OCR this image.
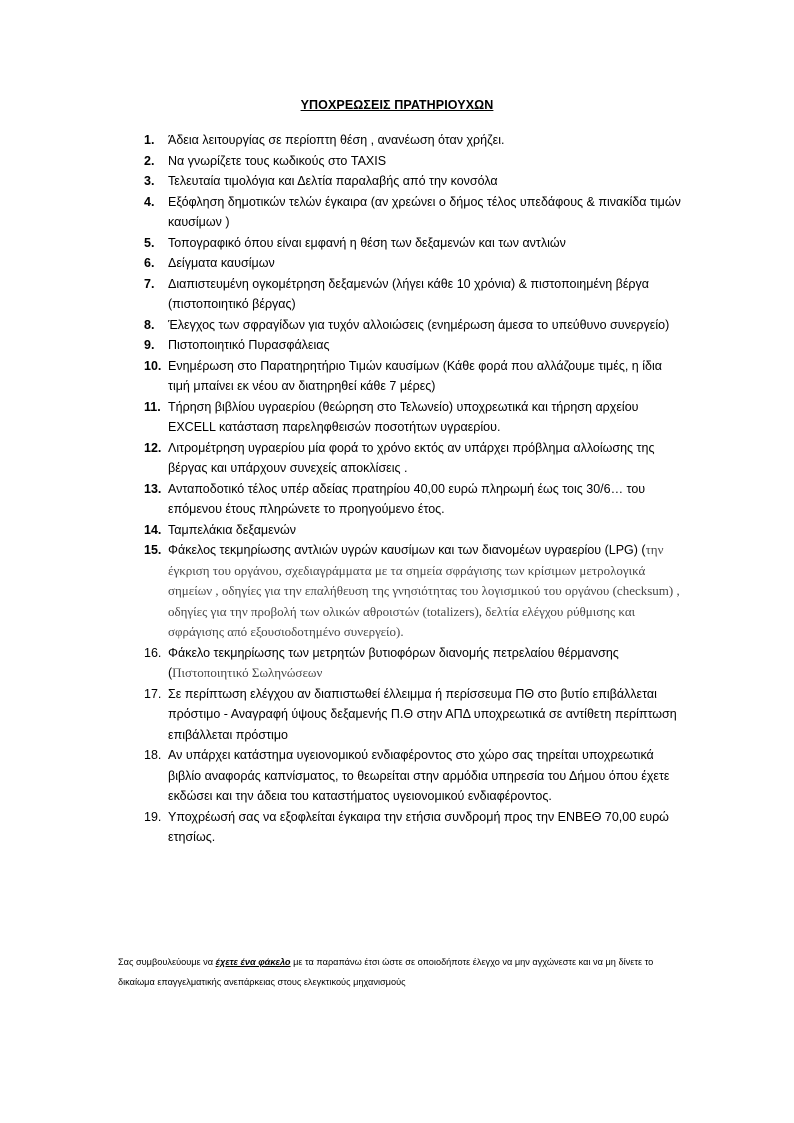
ΥΠΟΧΡΕΩΣΕΙΣ ΠΡΑΤΗΡΙΟΥΧΩΝ
1. Άδεια λειτουργίας σε περίοπτη θέση , ανανέωση όταν χρήζει.
2. Να γνωρίζετε τους κωδικούς στο TAXIS
3. Τελευταία τιμολόγια και Δελτία παραλαβής από την κονσόλα
4. Εξόφληση δημοτικών τελών έγκαιρα (αν χρεώνει ο δήμος τέλος υπεδάφους & πινακίδα τιμών καυσίμων )
5. Τοπογραφικό όπου είναι εμφανή η θέση των δεξαμενών και των αντλιών
6. Δείγματα καυσίμων
7. Διαπιστευμένη ογκομέτρηση δεξαμενών (λήγει κάθε 10 χρόνια) & πιστοποιημένη βέργα (πιστοποιητικό βέργας)
8. Έλεγχος των σφραγίδων για τυχόν αλλοιώσεις (ενημέρωση άμεσα το υπεύθυνο συνεργείο)
9. Πιστοποιητικό Πυρασφάλειας
10. Ενημέρωση στο Παρατηρητήριο Τιμών καυσίμων (Κάθε φορά που αλλάζουμε τιμές, η ίδια τιμή μπαίνει εκ νέου αν διατηρηθεί κάθε 7 μέρες)
11. Τήρηση βιβλίου υγραερίου (θεώρηση στο Τελωνείο) υποχρεωτικά και τήρηση αρχείου EXCELL κατάσταση παρεληφθεισών ποσοτήτων υγραερίου.
12. Λιτρομέτρηση υγραερίου μία φορά το χρόνο εκτός αν υπάρχει πρόβλημα αλλοίωσης της βέργας και υπάρχουν συνεχείς αποκλίσεις .
13. Ανταποδοτικό τέλος υπέρ αδείας πρατηρίου 40,00 ευρώ πληρωμή έως τοις 30/6… του επόμενου έτους πληρώνετε το προηγούμενο έτος.
14. Ταμπελάκια δεξαμενών
15. Φάκελος τεκμηρίωσης αντλιών υγρών καυσίμων και των διανομέων υγραερίου (LPG) (την έγκριση του οργάνου, σχεδιαγράμματα με τα σημεία σφράγισης των κρίσιμων μετρολογικά σημείων , οδηγίες για την επαλήθευση της γνησιότητας του λογισμικού του οργάνου (checksum) , οδηγίες για την προβολή των ολικών αθροιστών (totalizers), δελτία ελέγχου ρύθμισης και σφράγισης από εξουσιοδοτημένο συνεργείο).
16. Φάκελο τεκμηρίωσης των μετρητών βυτιοφόρων διανομής πετρελαίου θέρμανσης (Πιστοποιητικό Σωληνώσεων
17. Σε περίπτωση ελέγχου αν διαπιστωθεί έλλειμμα ή περίσσευμα ΠΘ στο βυτίο επιβάλλεται πρόστιμο - Αναγραφή ύψους δεξαμενής Π.Θ στην ΑΠΔ υποχρεωτικά σε αντίθετη περίπτωση επιβάλλεται πρόστιμο
18. Αν υπάρχει κατάστημα υγειονομικού ενδιαφέροντος στο χώρο σας τηρείται υποχρεωτικά βιβλίο αναφοράς καπνίσματος, το θεωρείται στην αρμόδια υπηρεσία του Δήμου όπου έχετε εκδώσει και την άδεια του καταστήματος υγειονομικού ενδιαφέροντος.
19. Υποχρέωσή σας να εξοφλείται έγκαιρα την ετήσια συνδρομή προς την ΕΝΒΕΘ 70,00 ευρώ ετησίως.
Σας συμβουλεύουμε να έχετε ένα φάκελο με τα παραπάνω έτσι ώστε σε οποιοδήποτε έλεγχο να μην αγχώνεστε και να μη δίνετε το δικαίωμα επαγγελματικής ανεπάρκειας στους ελεγκτικούς μηχανισμούς
